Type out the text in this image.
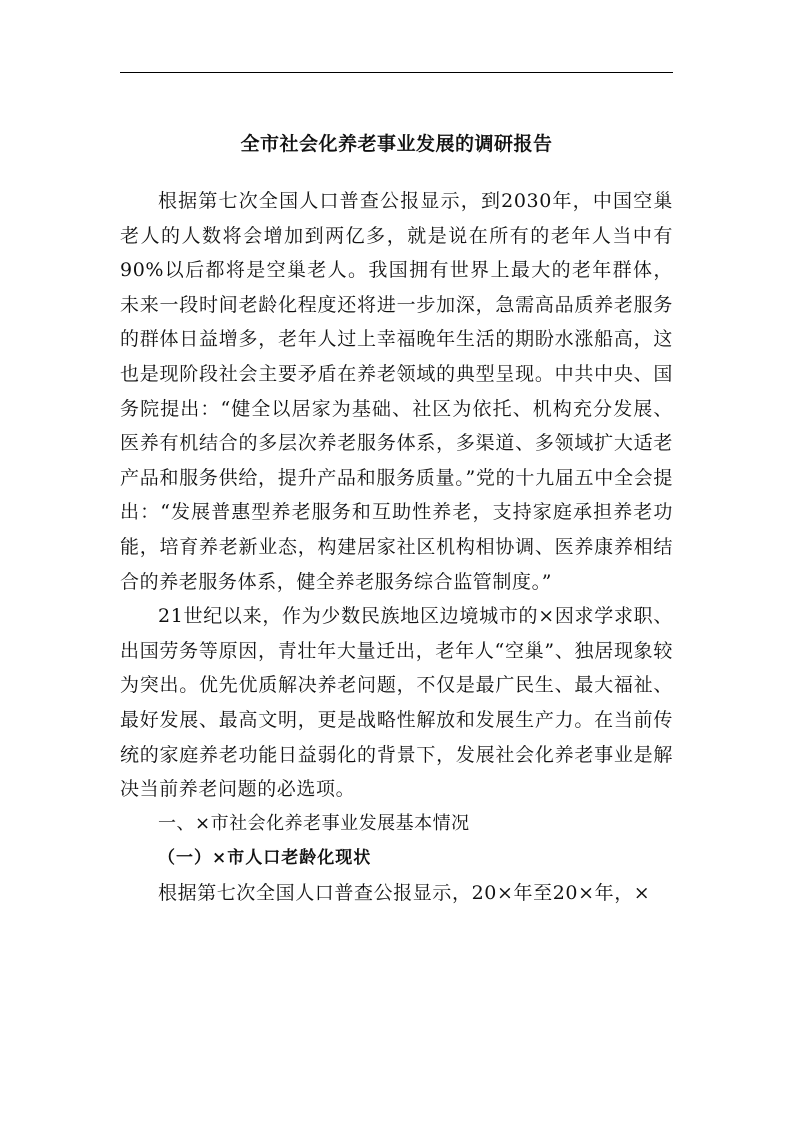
全市社会化养老事业发展的调研报告

根据第七次全国人口普查公报显示，到2030年，中国空巢老人的人数将会增加到两亿多，就是说在所有的老年人当中有90%以后都将是空巢老人。我国拥有世界上最大的老年群体，未来一段时间老龄化程度还将进一步加深，急需高品质养老服务的群体日益增多，老年人过上幸福晚年生活的期盼水涨船高，这也是现阶段社会主要矛盾在养老领域的典型呈现。中共中央、国务院提出：“健全以居家为基础、社区为依托、机构充分发展、医养有机结合的多层次养老服务体系，多渠道、多领域扩大适老产品和服务供给，提升产品和服务质量。”党的十九届五中全会提出：“发展普惠型养老服务和互助性养老，支持家庭承担养老功能，培育养老新业态，构建居家社区机构相协调、医养康养相结合的养老服务体系，健全养老服务综合监管制度。”

21世纪以来，作为少数民族地区边境城市的×因求学求职、出国劳务等原因，青壮年大量迁出，老年人“空巢”、独居现象较为突出。优先优质解决养老问题，不仅是最广民生、最大福祉、最好发展、最高文明，更是战略性解放和发展生产力。在当前传统的家庭养老功能日益弱化的背景下，发展社会化养老事业是解决当前养老问题的必选项。

一、×市社会化养老事业发展基本情况

（一）×市人口老龄化现状

根据第七次全国人口普查公报显示，20×年至20×年，×
